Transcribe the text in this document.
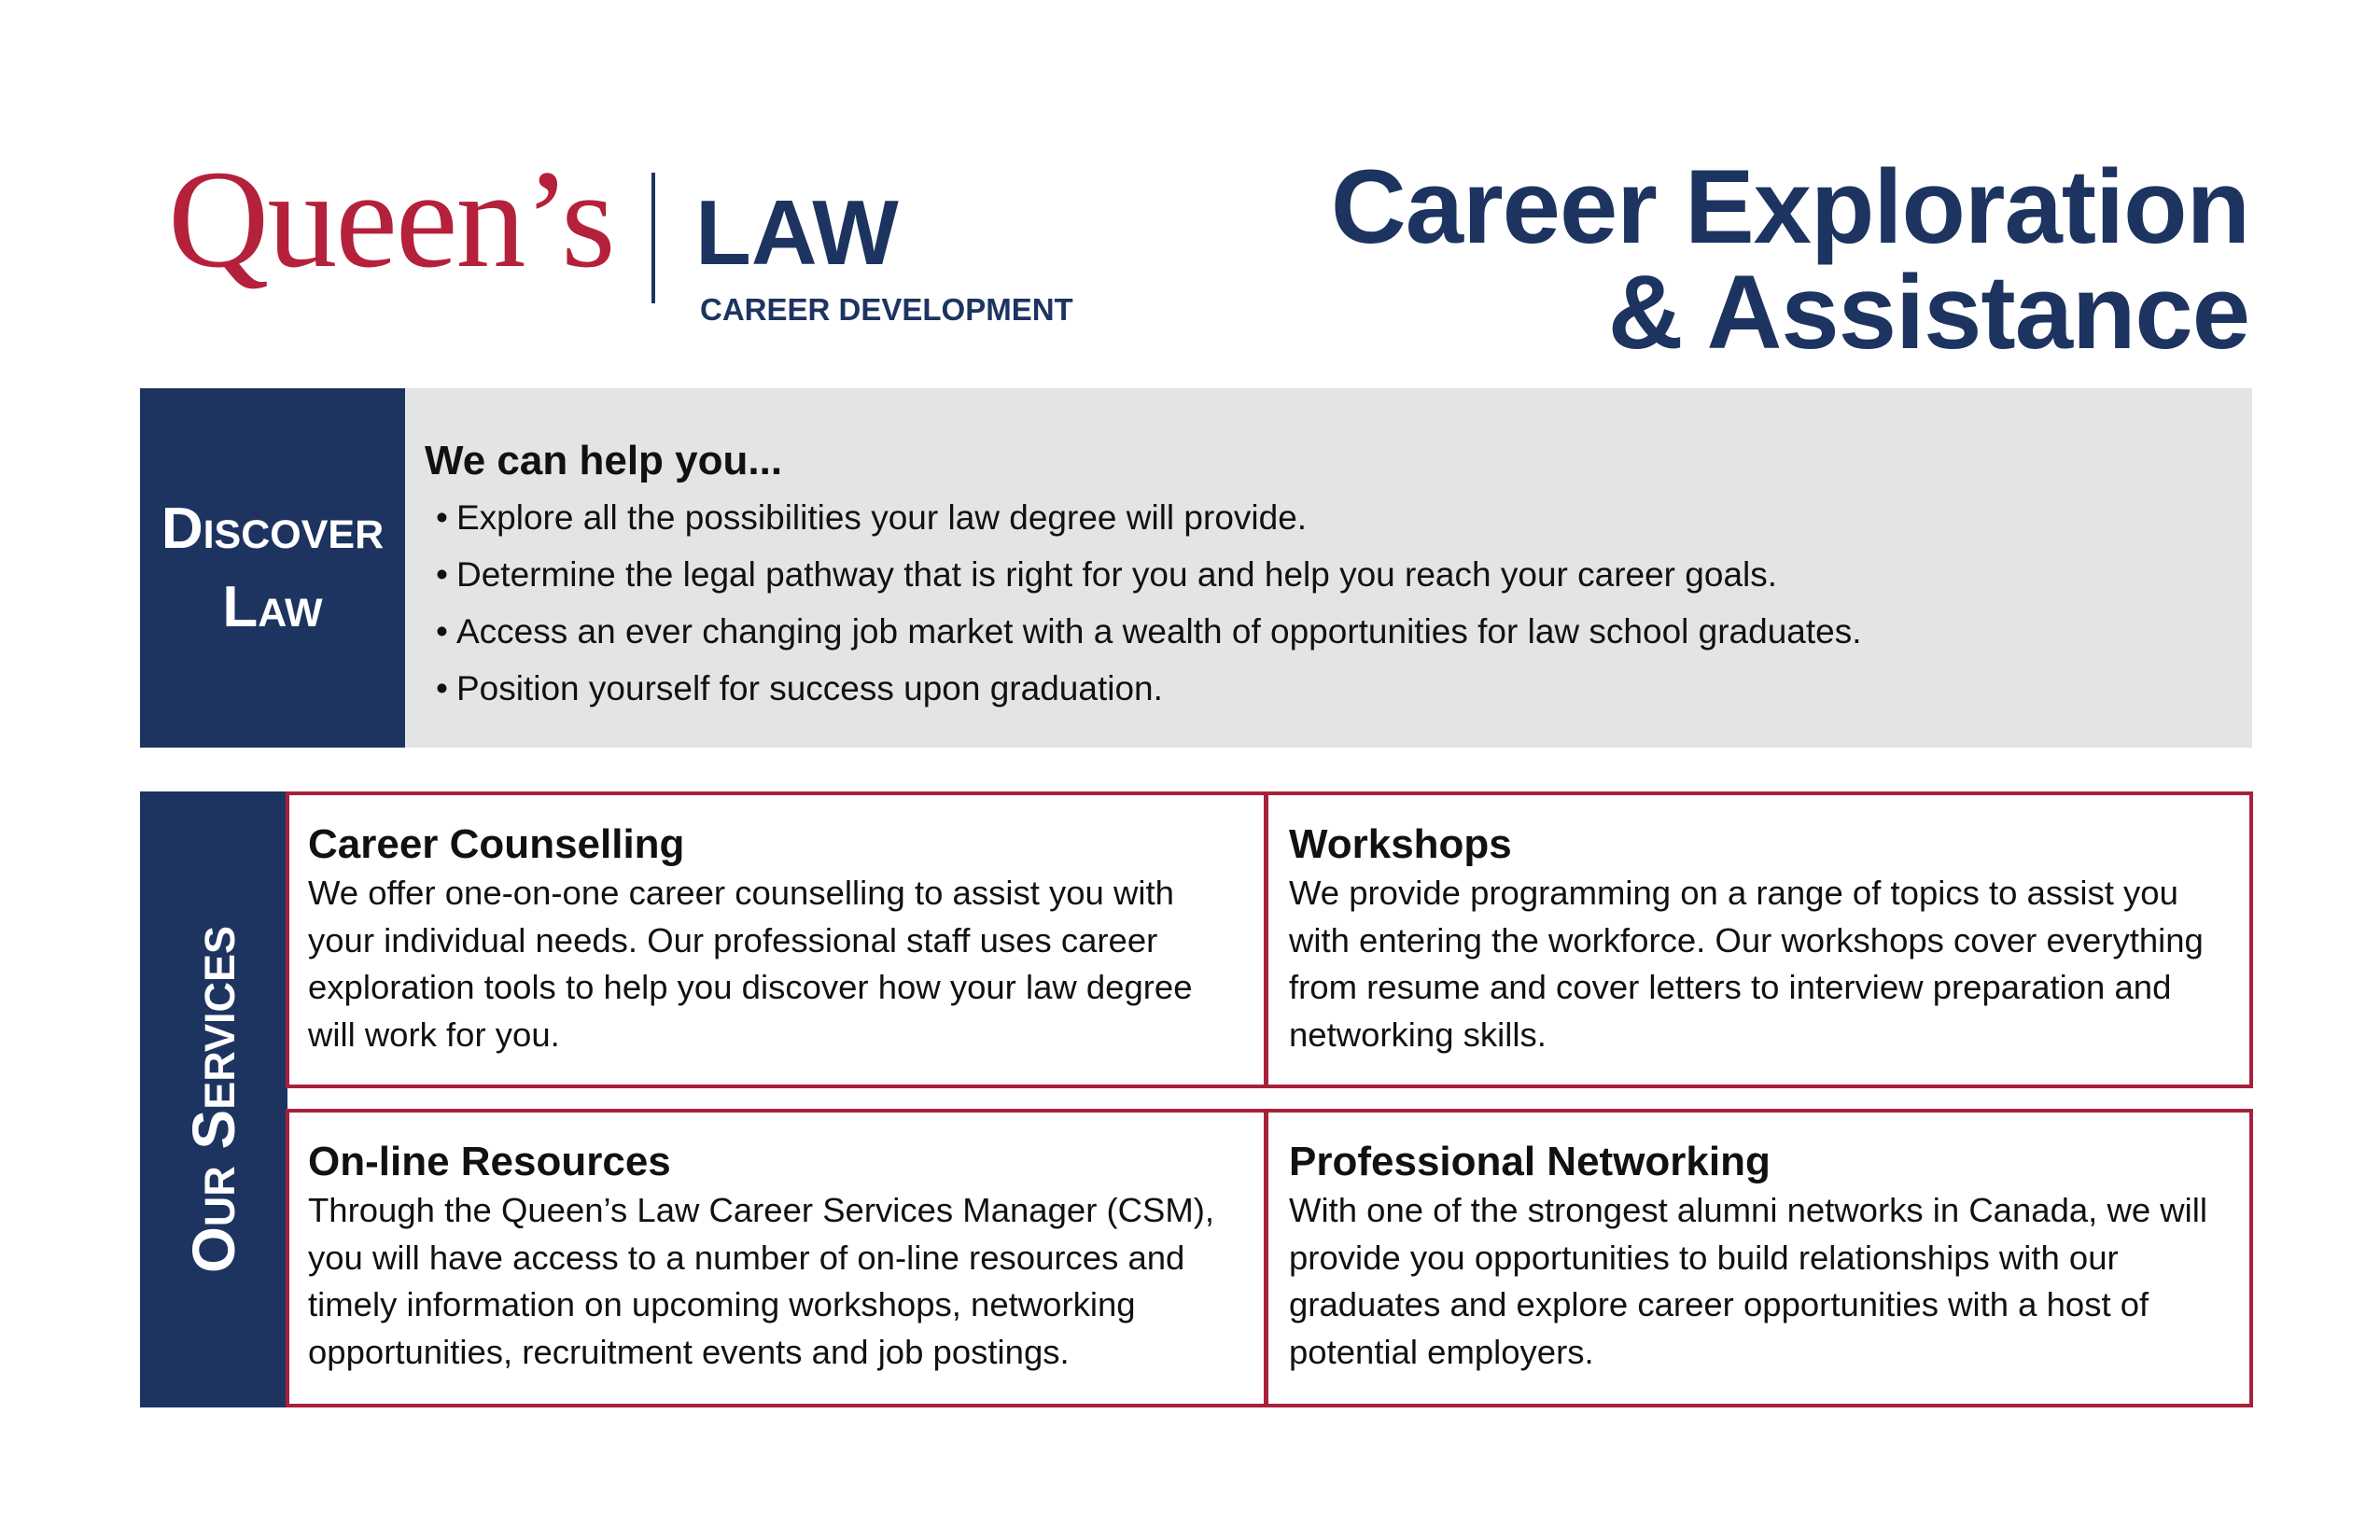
Queen’s LAW
CAREER DEVELOPMENT
Career Exploration
& Assistance
Discover
Law
We can help you...
• Explore all the possibilities your law degree will provide.
• Determine the legal pathway that is right for you and help you reach your career goals.
• Access an ever changing job market with a wealth of opportunities for law school graduates.
• Position yourself for success upon graduation.
Our Services
Career Counselling

We offer one-on-one career counselling to assist you with your individual needs. Our professional staff uses career exploration tools to help you discover how your law degree will work for you.

Workshops

We provide programming on a range of topics to assist you with entering the workforce. Our workshops cover everything from resume and cover letters to interview preparation and networking skills.

On-line Resources

Through the Queen’s Law Career Services Manager (CSM), you will have access to a number of on-line resources and timely information on upcoming workshops, networking opportunities, recruitment events and job postings.

Professional Networking

With one of the strongest alumni networks in Canada, we will provide you opportunities to build relationships with our graduates and explore career opportunities with a host of potential employers.
